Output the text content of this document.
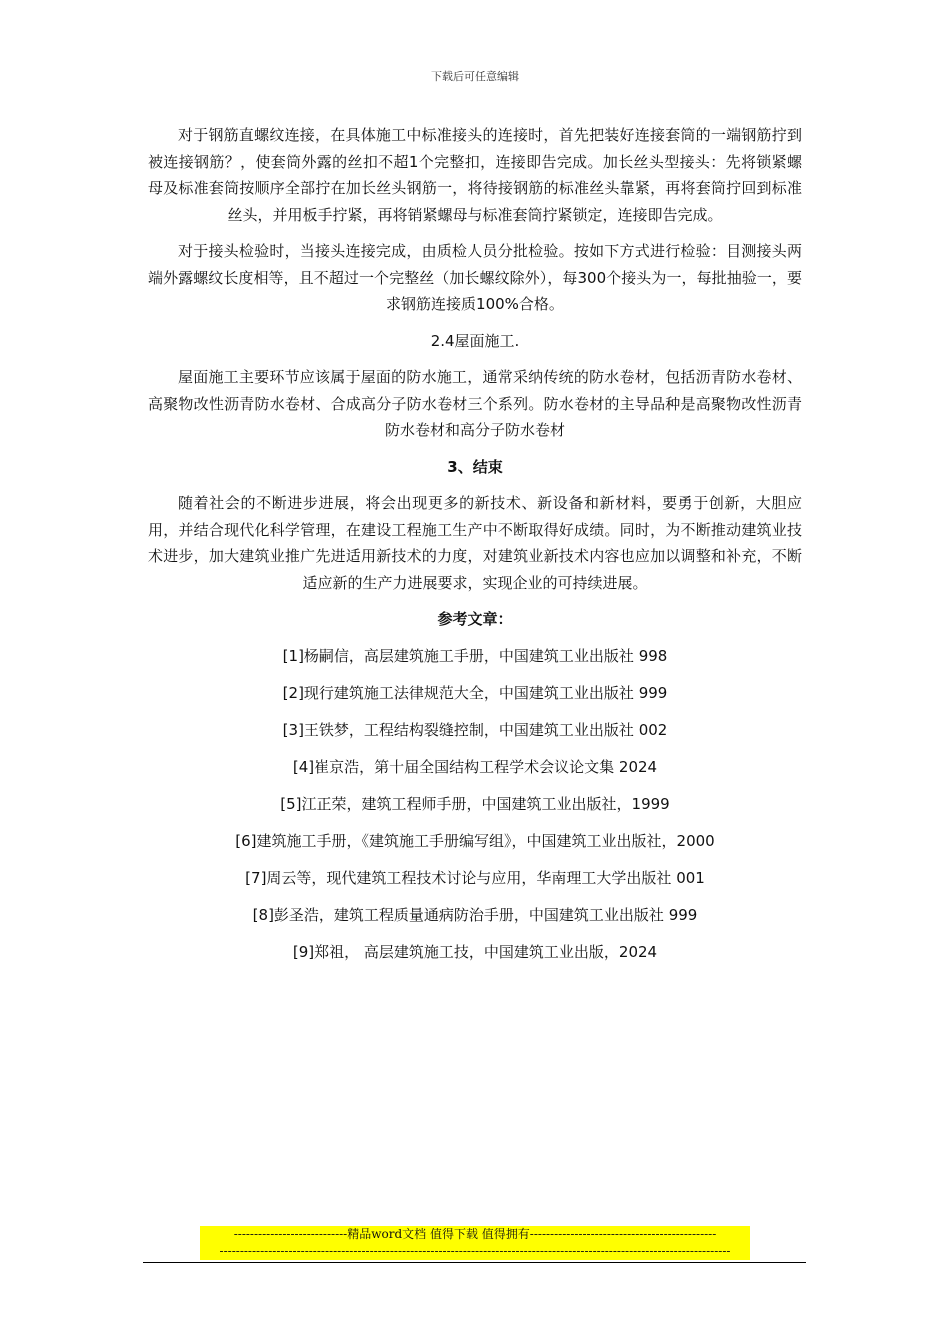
下载后可任意编辑

对于钢筋直螺纹连接，在具体施工中标准接头的连接时，首先把装好连接套筒的一端钢筋拧到被连接钢筋？，使套筒外露的丝扣不超1个完整扣，连接即告完成。加长丝头型接头：先将锁紧螺母及标准套筒按顺序全部拧在加长丝头钢筋一，将待接钢筋的标准丝头靠紧，再将套筒拧回到标准丝头，并用板手拧紧，再将销紧螺母与标准套筒拧紧锁定，连接即告完成。

对于接头检验时，当接头连接完成，由质检人员分批检验。按如下方式进行检验：目测接头两端外露螺纹长度相等，且不超过一个完整丝（加长螺纹除外），每300个接头为一，每批抽验一，要求钢筋连接质100%合格。

2.4屋面施工.

屋面施工主要环节应该属于屋面的防水施工，通常采纳传统的防水卷材，包括沥青防水卷材、高聚物改性沥青防水卷材、合成高分子防水卷材三个系列。防水卷材的主导品种是高聚物改性沥青防水卷材和高分子防水卷材

3、结束

随着社会的不断进步进展，将会出现更多的新技术、新设备和新材料，要勇于创新，大胆应用，并结合现代化科学管理，在建设工程施工生产中不断取得好成绩。同时，为不断推动建筑业技术进步，加大建筑业推广先进适用新技术的力度，对建筑业新技术内容也应加以调整和补充，不断适应新的生产力进展要求，实现企业的可持续进展。

参考文章：

[1]杨嗣信，高层建筑施工手册，中国建筑工业出版社 998
[2]现行建筑施工法律规范大全，中国建筑工业出版社 999
[3]王铁梦，工程结构裂缝控制，中国建筑工业出版社 002
[4]崔京浩，第十届全国结构工程学术会议论文集 2024
[5]江正荣，建筑工程师手册，中国建筑工业出版社，1999
[6]建筑施工手册，《建筑施工手册编写组》，中国建筑工业出版社，2000
[7]周云等，现代建筑工程技术讨论与应用，华南理工大学出版社 001
[8]彭圣浩，建筑工程质量通病防治手册，中国建筑工业出版社 999
[9]郑祖， 高层建筑施工技，中国建筑工业出版，2024
----------------------------精品word文档 值得下载 值得拥有----------------------------------------------
------------------------------------------------------------------------------------------------------------------------------
